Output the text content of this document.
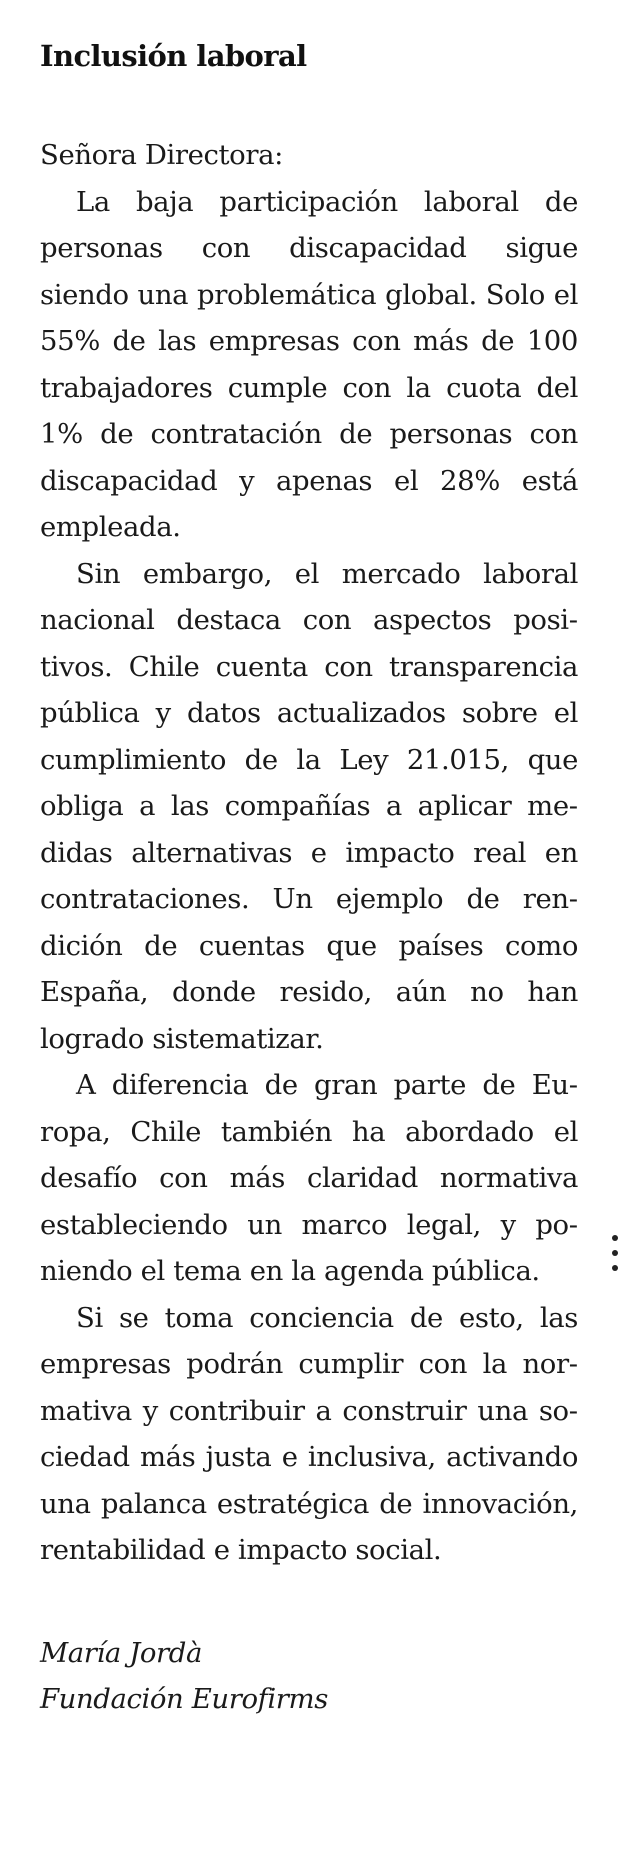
Inclusión laboral

Señora Directora:

La baja participación laboral de personas con discapacidad sigue siendo una problemática global. Solo el 55% de las empresas con más de 100 trabajadores cumple con la cuota del 1% de contratación de personas con discapacidad y apenas el 28% está empleada.

Sin embargo, el mercado laboral nacional destaca con aspectos positivos. Chile cuenta con transparencia pública y datos actualizados sobre el cumplimiento de la Ley 21.015, que obliga a las compañías a aplicar medidas alternativas e impacto real en contrataciones. Un ejemplo de rendición de cuentas que países como España, donde resido, aún no han logrado sistematizar.

A diferencia de gran parte de Europa, Chile también ha abordado el desafío con más claridad normativa estableciendo un marco legal, y poniendo el tema en la agenda pública.

Si se toma conciencia de esto, las empresas podrán cumplir con la normativa y contribuir a construir una sociedad más justa e inclusiva, activando una palanca estratégica de innovación, rentabilidad e impacto social.

María Jordà
Fundación Eurofirms
